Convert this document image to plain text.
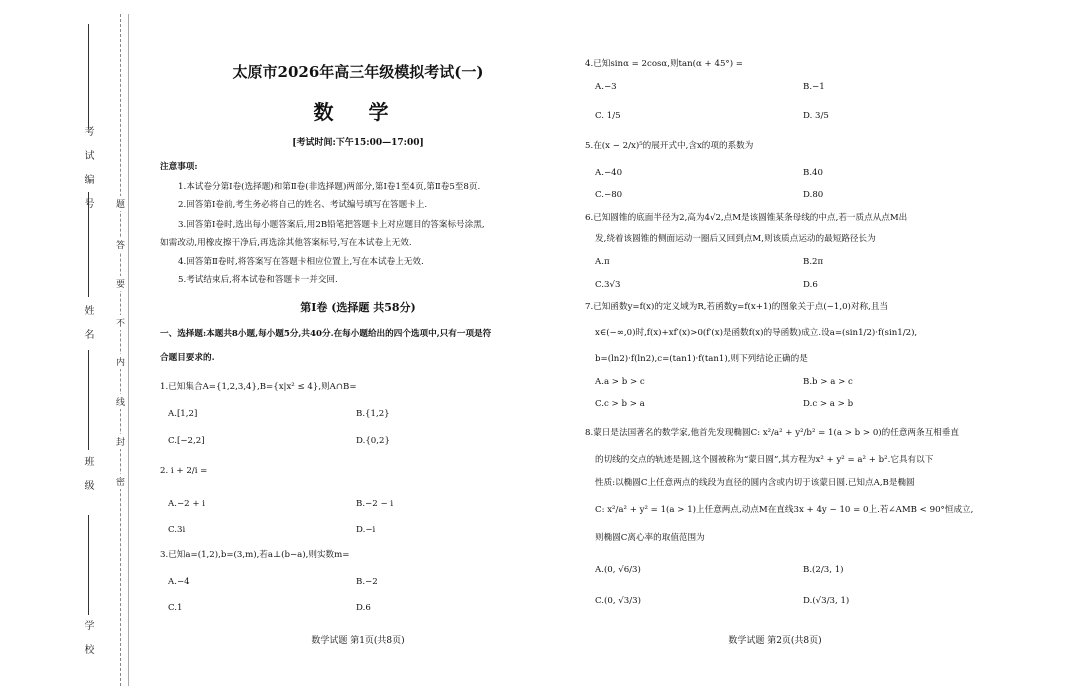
考试编号
姓名
班级
学校
题
答
要
不
内
线
封
密
太原市2026年高三年级模拟考试(一)
数 学
[考试时间:下午15:00—17:00]
注意事项:
1.本试卷分第Ⅰ卷(选择题)和第Ⅱ卷(非选择题)两部分,第Ⅰ卷1至4页,第Ⅱ卷5至8页.
2.回答第Ⅰ卷前,考生务必将自己的姓名、考试编号填写在答题卡上.
3.回答第Ⅰ卷时,选出每小题答案后,用2B铅笔把答题卡上对应题目的答案标号涂黑,
如需改动,用橡皮擦干净后,再选涂其他答案标号,写在本试卷上无效.
4.回答第Ⅱ卷时,将答案写在答题卡相应位置上,写在本试卷上无效.
5.考试结束后,将本试卷和答题卡一并交回.
第Ⅰ卷 (选择题 共58分)
一、选择题:本题共8小题,每小题5分,共40分.在每小题给出的四个选项中,只有一项是符
合题目要求的.
1.已知集合A={1,2,3,4},B={x|x² ≤ 4},则A∩B=
A.[1,2]	B.{1,2}
C.[−2,2]	D.{0,2}
2. i + 2/i =
A.−2 + i	B.−2 − i
C.3i	D.−i
3.已知a=(1,2),b=(3,m),若a⊥(b−a),则实数m=
A.−4	B.−2
C.1	D.6
数学试题 第1页(共8页)
4.已知sinα = 2cosα,则tan(α + 45°) =
A.−3	B.−1
C. 1/5	D. 3/5
5.在(x − 2/x)⁵的展开式中,含x的项的系数为
A.−40	B.40
C.−80	D.80
6.已知圆锥的底面半径为2,高为4√2,点M是该圆锥某条母线的中点,若一质点从点M出
发,绕着该圆锥的侧面运动一圈后又回到点M,则该质点运动的最短路径长为
A.π	B.2π
C.3√3	D.6
7.已知函数y=f(x)的定义域为R,若函数y=f(x+1)的图象关于点(−1,0)对称,且当
x∈(−∞,0)时,f(x)+xf′(x)>0(f′(x)是函数f(x)的导函数)成立.设a=(sin1/2)·f(sin1/2),
b=(ln2)·f(ln2),c=(tan1)·f(tan1),则下列结论正确的是
A.a > b > c	B.b > a > c
C.c > b > a	D.c > a > b
8.蒙日是法国著名的数学家,他首先发现椭圆C: x²/a² + y²/b² = 1(a > b > 0)的任意两条互相垂直
的切线的交点的轨迹是圆,这个圆被称为“蒙日圆”,其方程为x² + y² = a² + b².它具有以下
性质:以椭圆C上任意两点的线段为直径的圆内含或内切于该蒙日圆.已知点A,B是椭圆
C: x²/a² + y² = 1(a > 1)上任意两点,动点M在直线3x + 4y − 10 = 0上.若∠AMB < 90°恒成立,
则椭圆C离心率的取值范围为
A.(0, √6/3)	B.(2/3, 1)
C.(0, √3/3)	D.(√3/3, 1)
数学试题 第2页(共8页)
